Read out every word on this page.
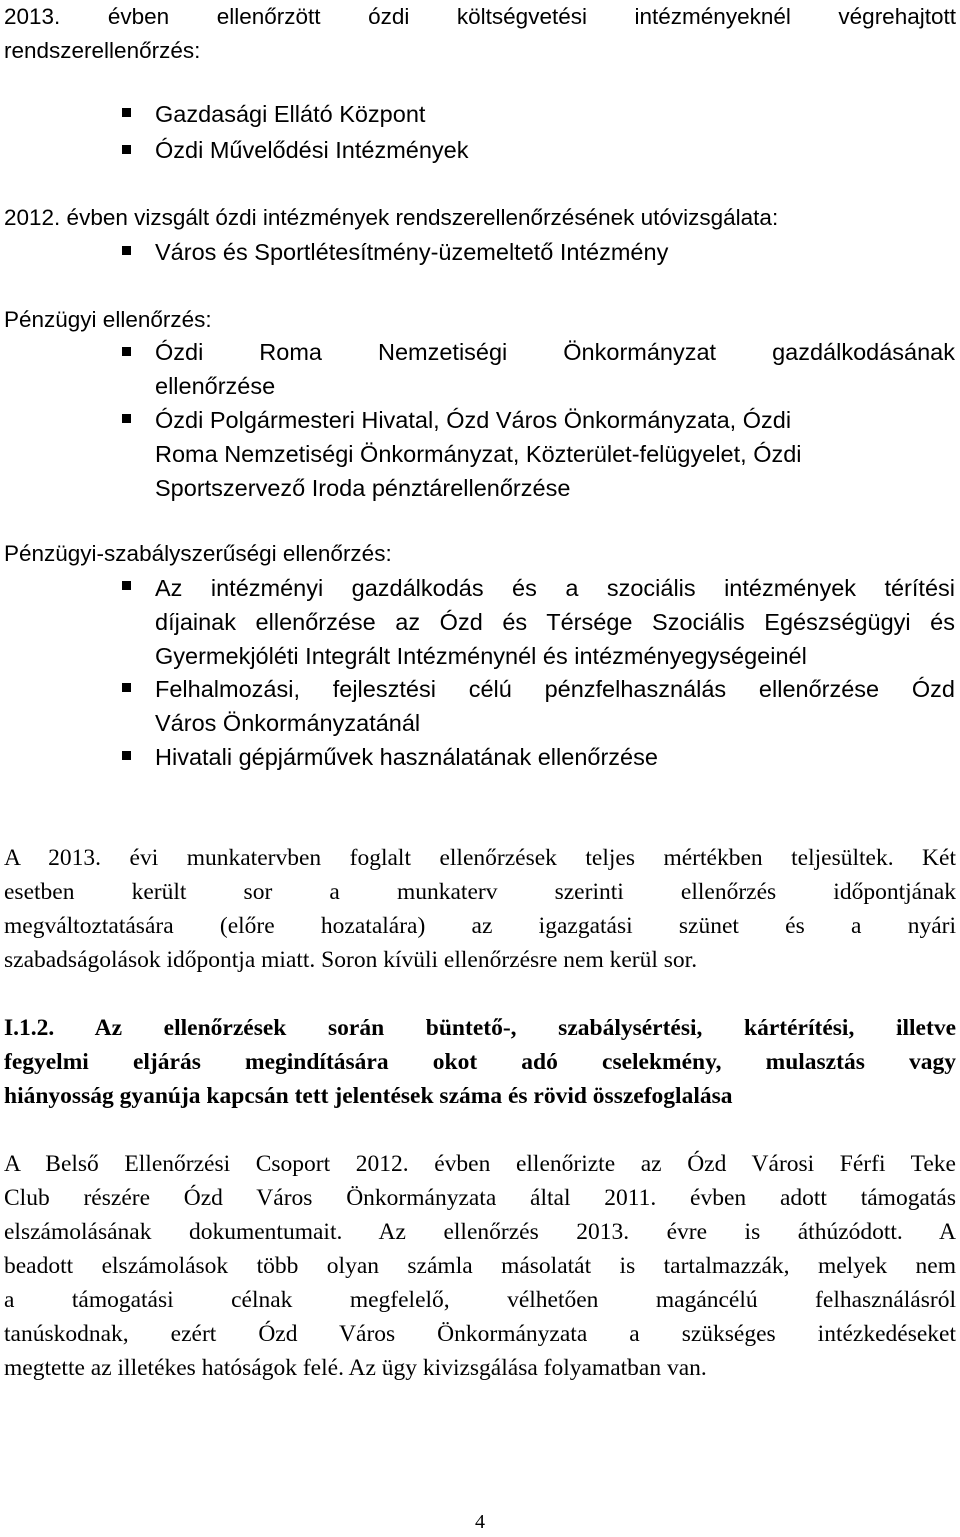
2013. évben ellenőrzött ózdi költségvetési intézményeknél végrehajtott
rendszerellenőrzés:
Gazdasági Ellátó Központ
Ózdi Művelődési Intézmények
2012. évben vizsgált ózdi intézmények rendszerellenőrzésének utóvizsgálata:
Város és Sportlétesítmény-üzemeltető Intézmény
Pénzügyi ellenőrzés:
Ózdi Roma Nemzetiségi Önkormányzat gazdálkodásának
ellenőrzése
Ózdi Polgármesteri Hivatal, Ózd Város Önkormányzata, Ózdi
Roma Nemzetiségi Önkormányzat, Közterület-felügyelet, Ózdi
Sportszervező Iroda pénztárellenőrzése
Pénzügyi-szabályszerűségi ellenőrzés:
Az intézményi gazdálkodás és a szociális intézmények térítési
díjainak ellenőrzése az Ózd és Térsége Szociális Egészségügyi és
Gyermekjóléti Integrált Intézménynél és intézményegységeinél
Felhalmozási, fejlesztési célú pénzfelhasználás ellenőrzése Ózd
Város Önkormányzatánál
Hivatali gépjárművek használatának ellenőrzése
A 2013. évi munkatervben foglalt ellenőrzések teljes mértékben teljesültek. Két
esetben került sor a munkaterv szerinti ellenőrzés időpontjának
megváltoztatására (előre hozatalára) az igazgatási szünet és a nyári
szabadságolások időpontja miatt. Soron kívüli ellenőrzésre nem kerül sor.
I.1.2. Az ellenőrzések során büntető-, szabálysértési, kártérítési, illetve
fegyelmi eljárás megindítására okot adó cselekmény, mulasztás vagy
hiányosság gyanúja kapcsán tett jelentések száma és rövid összefoglalása
A Belső Ellenőrzési Csoport 2012. évben ellenőrizte az Ózd Városi Férfi Teke
Club részére Ózd Város Önkormányzata által 2011. évben adott támogatás
elszámolásának dokumentumait. Az ellenőrzés 2013. évre is áthúzódott. A
beadott elszámolások több olyan számla másolatát is tartalmazzák, melyek nem
a támogatási célnak megfelelő, vélhetően magáncélú felhasználásról
tanúskodnak, ezért Ózd Város Önkormányzata a szükséges intézkedéseket
megtette az illetékes hatóságok felé. Az ügy kivizsgálása folyamatban van.
4
